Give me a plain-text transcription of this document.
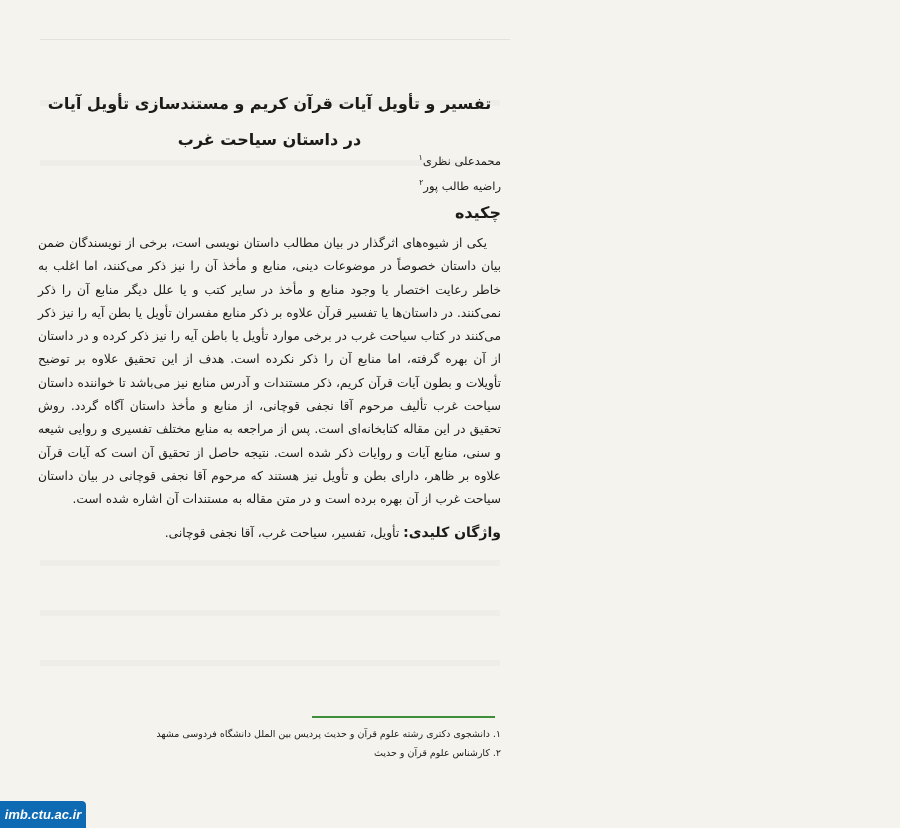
تفسیر و تأویل آیات قرآن کریم و مستندسازی تأویل آیات
در داستان سیاحت غرب
محمدعلی نظری$^۱$
راضیه طالب پور$^۲$
چکیده

یکی از شیوه‌های اثرگذار در بیان مطالب داستان نویسی است، برخی از نویسندگان ضمن بیان داستان خصوصاً در موضوعات دینی، منابع و مأخذ آن را نیز ذکر می‌کنند، اما اغلب به خاطر رعایت اختصار یا وجود منابع و مأخذ در سایر کتب و یا علل دیگر منابع آن را ذکر نمی‌کنند. در داستان‌ها یا تفسیر قرآن علاوه بر ذکر منابع مفسران تأویل یا بطن آیه را نیز ذکر می‌کنند در کتاب سیاحت غرب در برخی موارد تأویل یا باطن آیه را نیز ذکر کرده و در داستان از آن بهره گرفته، اما منابع آن را ذکر نکرده است. هدف از این تحقیق علاوه بر توضیح تأویلات و بطون آیات قرآن کریم، ذکر مستندات و آدرس منابع نیز می‌باشد تا خواننده داستان سیاحت غرب تألیف مرحوم آقا نجفی قوچانی، از منابع و مأخذ داستان آگاه گردد. روش تحقیق در این مقاله کتابخانه‌ای است. پس از مراجعه به منابع مختلف تفسیری و روایی شیعه و سنی، منابع آیات و روایات ذکر شده است. نتیجه حاصل از تحقیق آن است که آیات قرآن علاوه بر ظاهر، دارای بطن و تأویل نیز هستند که مرحوم آقا نجفی قوچانی در بیان داستان سیاحت غرب از آن بهره برده است و در متن مقاله به مستندات آن اشاره شده است.

واژگان کلیدی: تأویل، تفسیر، سیاحت غرب، آقا نجفی قوچانی.
۱. دانشجوی دکتری رشته علوم قرآن و حدیث پردیس بین الملل دانشگاه فردوسی مشهد
۲. کارشناس علوم قرآن و حدیث
imb.ctu.ac.ir
